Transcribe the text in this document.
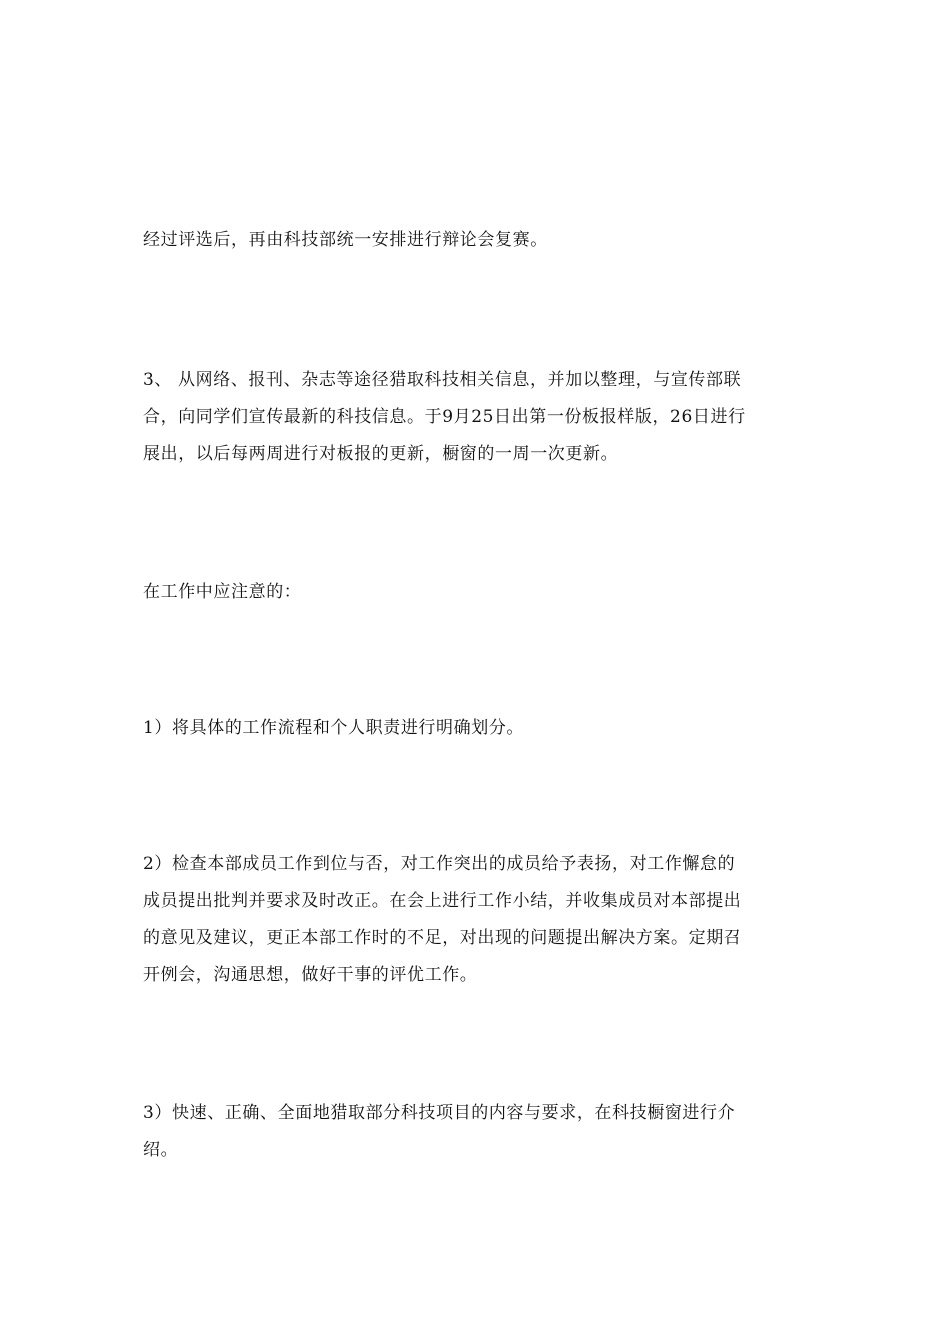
经过评选后，再由科技部统一安排进行辩论会复赛。

3、 从网络、报刊、杂志等途径猎取科技相关信息，并加以整理，与宣传部联
合，向同学们宣传最新的科技信息。于9月25日出第一份板报样版，26日进行
展出，以后每两周进行对板报的更新，橱窗的一周一次更新。

在工作中应注意的：

1）将具体的工作流程和个人职责进行明确划分。

2）检查本部成员工作到位与否，对工作突出的成员给予表扬，对工作懈怠的
成员提出批判并要求及时改正。在会上进行工作小结，并收集成员对本部提出
的意见及建议，更正本部工作时的不足，对出现的问题提出解决方案。定期召
开例会，沟通思想，做好干事的评优工作。

3）快速、正确、全面地猎取部分科技项目的内容与要求，在科技橱窗进行介
绍。
